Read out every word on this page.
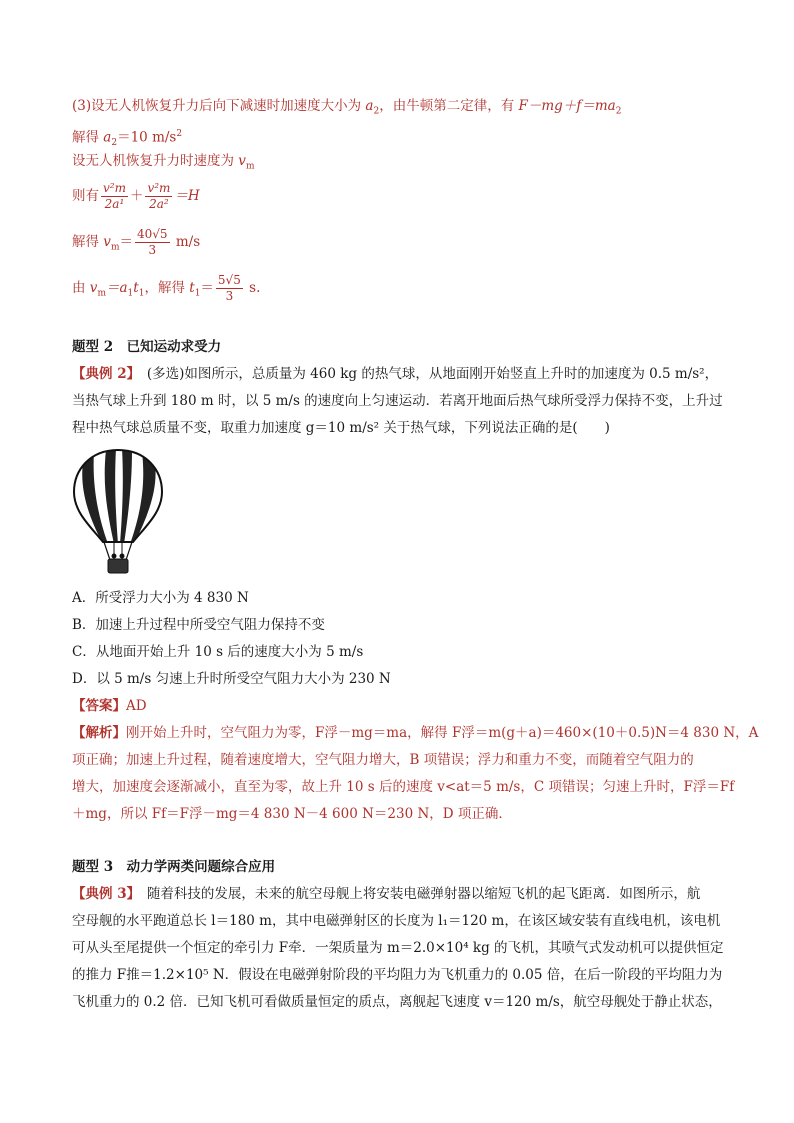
(3)设无人机恢复升力后向下减速时加速度大小为 $a_2$，由牛顿第二定律，有 $F-mg+f=ma_2$
解得 $a_2=10$ $m/s^2$
设无人机恢复升力时速度为 $v_m$
则有 $\frac{\text{v²m}}{\text{2a¹}} + \frac{\text{v²m}}{\text{2a²}} =H$
解得 $v_m= \frac{40√5}{3} m/s$
由 $v_m=a_1t_1$，解得 $t_1= \frac{5√5}{3} s$.
题型 2　已知运动求受力
【典例 2】　(多选)如图所示，总质量为 460 kg 的热气球，从地面刚开始竖直上升时的加速度为 0.5 m/s²，
当热气球上升到 180 m 时，以 5 m/s 的速度向上匀速运动．若离开地面后热气球所受浮力保持不变，上升过
程中热气球总质量不变，取重力加速度 g＝10 m/s² 关于热气球，下列说法正确的是(　　)
A．所受浮力大小为 4 830 N
B．加速上升过程中所受空气阻力保持不变
C．从地面开始上升 10 s 后的速度大小为 5 m/s
D．以 5 m/s 匀速上升时所受空气阻力大小为 230 N
【答案】AD
【解析】刚开始上升时，空气阻力为零，F浮－mg＝ma，解得 F浮＝m(g＋a)＝460×(10＋0.5)N＝4 830 N，A
项正确；加速上升过程，随着速度增大，空气阻力增大，B 项错误；浮力和重力不变，而随着空气阻力的
增大，加速度会逐渐减小，直至为零，故上升 10 s 后的速度 v<at＝5 m/s，C 项错误；匀速上升时，F浮＝Ff
＋mg，所以 Ff＝F浮－mg＝4 830 N－4 600 N＝230 N，D 项正确．
题型 3　动力学两类问题综合应用
【典例 3】　随着科技的发展，未来的航空母舰上将安装电磁弹射器以缩短飞机的起飞距离．如图所示，航
空母舰的水平跑道总长 l＝180 m，其中电磁弹射区的长度为 l₁＝120 m，在该区域安装有直线电机，该电机
可从头至尾提供一个恒定的牵引力 F牵．一架质量为 m＝2.0×10⁴ kg 的飞机，其喷气式发动机可以提供恒定
的推力 F推＝1.2×10⁵ N．假设在电磁弹射阶段的平均阻力为飞机重力的 0.05 倍，在后一阶段的平均阻力为
飞机重力的 0.2 倍．已知飞机可看做质量恒定的质点，离舰起飞速度 v＝120 m/s，航空母舰处于静止状态，
